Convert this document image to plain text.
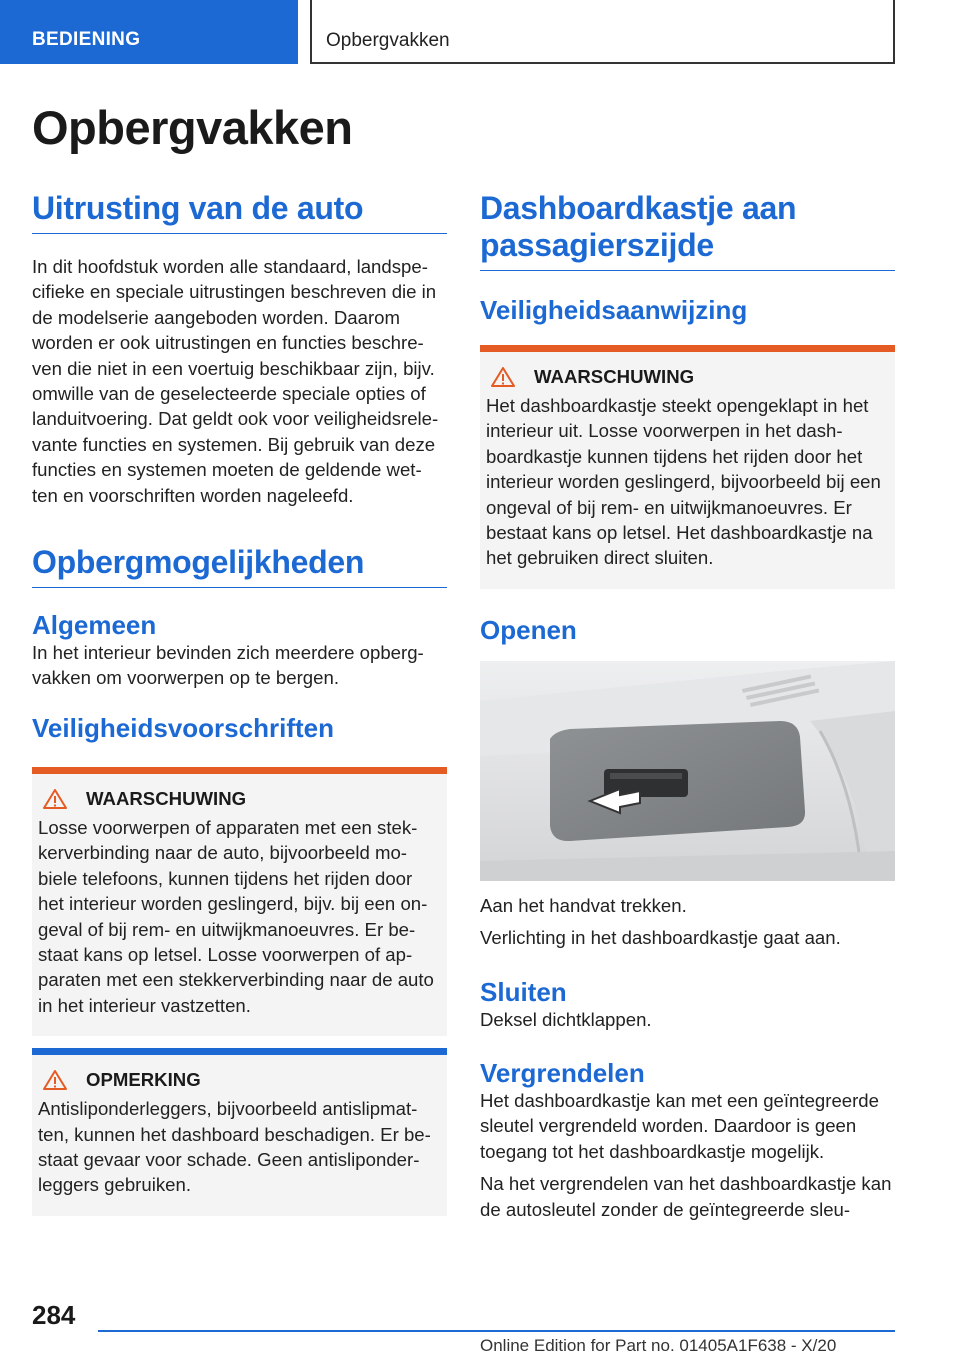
BEDIENING	Opbergvakken
Opbergvakken
Uitrusting van de auto

In dit hoofdstuk worden alle standaard, landspe- cifieke en speciale uitrustingen beschreven die in de modelserie aangeboden worden. Daarom worden er ook uitrustingen en functies beschre- ven die niet in een voertuig beschikbaar zijn, bijv. omwille van de geselecteerde speciale opties of landuitvoering. Dat geldt ook voor veiligheidsrele- vante functies en systemen. Bij gebruik van deze functies en systemen moeten de geldende wet- ten en voorschriften worden nageleefd.

Opbergmogelijkheden
Algemeen

In het interieur bevinden zich meerdere opberg- vakken om voorwerpen op te bergen.

Veiligheidsvoorschriften
WAARSCHUWING

Losse voorwerpen of apparaten met een stek- kerverbinding naar de auto, bijvoorbeeld mo- biele telefoons, kunnen tijdens het rijden door het interieur worden geslingerd, bijv. bij een on- geval of bij rem- en uitwijkmanoeuvres. Er be- staat kans op letsel. Losse voorwerpen of ap- paraten met een stekkerverbinding naar de auto in het interieur vastzetten.

OPMERKING

Antisliponderleggers, bijvoorbeeld antislipmat- ten, kunnen het dashboard beschadigen. Er be- staat gevaar voor schade. Geen antisliponder- leggers gebruiken.

Dashboardkastje aan passagierszijde
Veiligheidsaanwijzing
WAARSCHUWING

Het dashboardkastje steekt opengeklapt in het interieur uit. Losse voorwerpen in het dash- boardkastje kunnen tijdens het rijden door het interieur worden geslingerd, bijvoorbeeld bij een ongeval of bij rem- en uitwijkmanoeuvres. Er bestaat kans op letsel. Het dashboardkastje na het gebruiken direct sluiten.

Openen

Aan het handvat trekken.

Verlichting in het dashboardkastje gaat aan.

Sluiten

Deksel dichtklappen.

Vergrendelen

Het dashboardkastje kan met een geïntegreerde sleutel vergrendeld worden. Daardoor is geen toegang tot het dashboardkastje mogelijk.

Na het vergrendelen van het dashboardkastje kan de autosleutel zonder de geïntegreerde sleu-

284
Online Edition for Part no. 01405A1F638 - X/20
